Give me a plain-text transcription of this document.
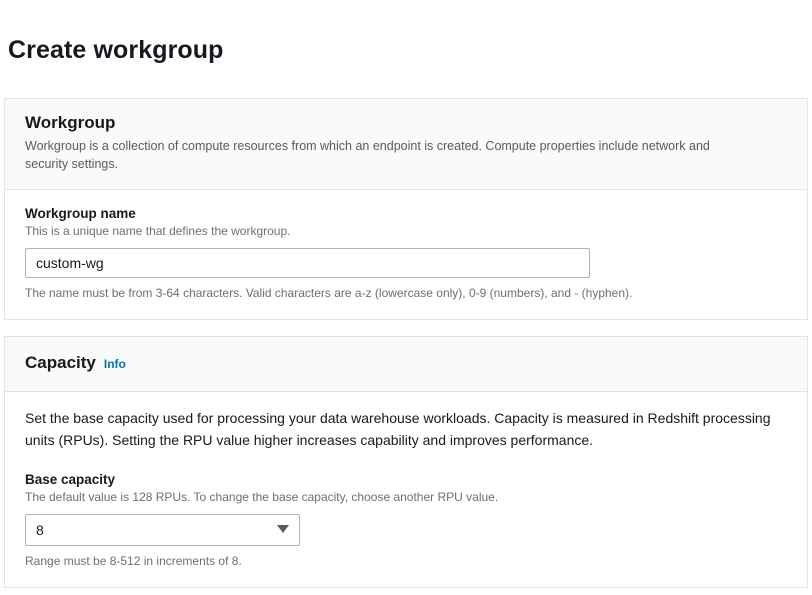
Create workgroup
Workgroup

Workgroup is a collection of compute resources from which an endpoint is created. Compute properties include network and security settings.

Workgroup name
This is a unique name that defines the workgroup.
custom-wg
The name must be from 3-64 characters. Valid characters are a-z (lowercase only), 0-9 (numbers), and - (hyphen).
Capacity Info

Set the base capacity used for processing your data warehouse workloads. Capacity is measured in Redshift processing units (RPUs). Setting the RPU value higher increases capability and improves performance.

Base capacity
The default value is 128 RPUs. To change the base capacity, choose another RPU value.
8
Range must be 8-512 in increments of 8.
